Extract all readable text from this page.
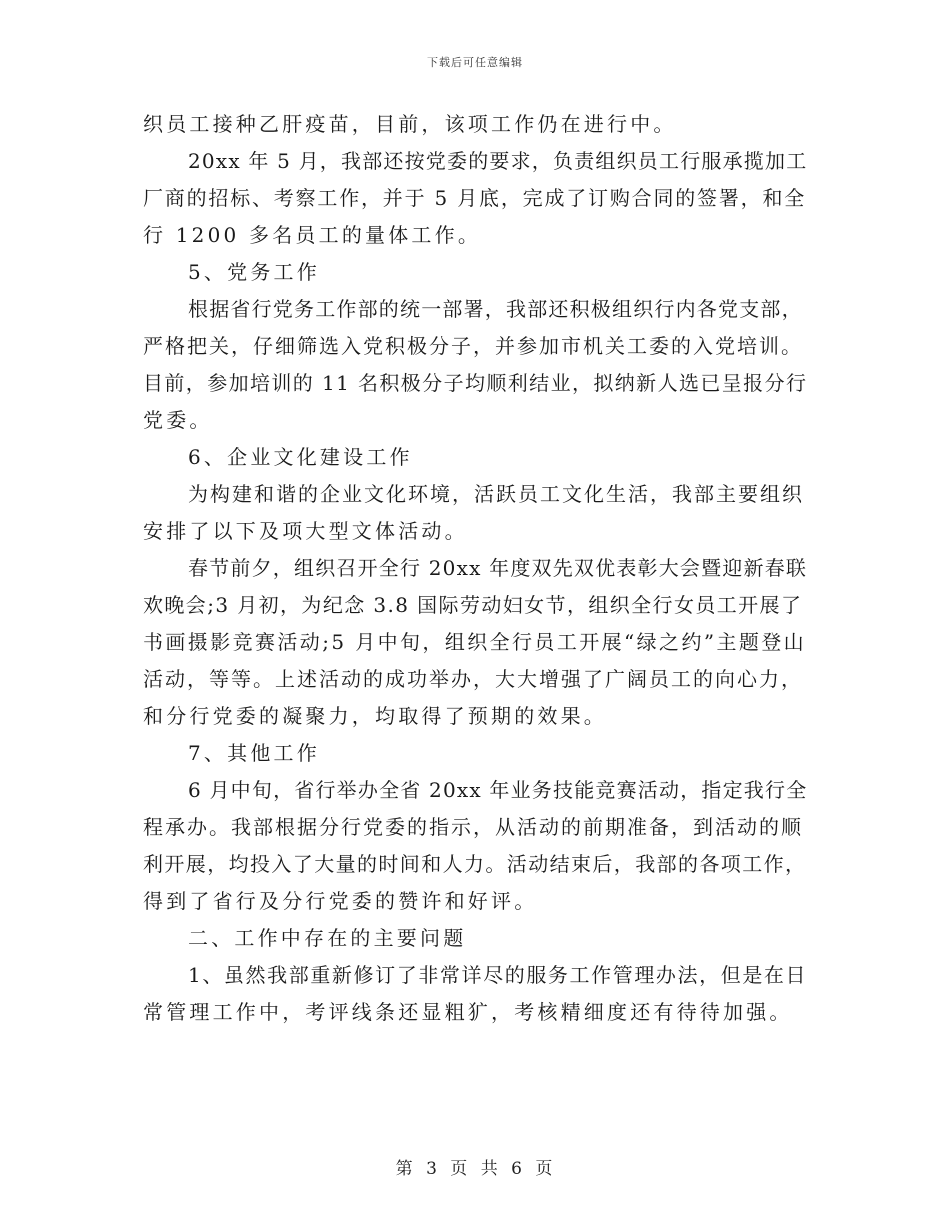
下载后可任意编辑
织员工接种乙肝疫苗，目前，该项工作仍在进行中。
20xx 年 5 月，我部还按党委的要求，负责组织员工行服承揽加工
厂商的招标、考察工作，并于 5 月底，完成了订购合同的签署，和全
行 1200 多名员工的量体工作。
5、党务工作
根据省行党务工作部的统一部署，我部还积极组织行内各党支部，
严格把关，仔细筛选入党积极分子，并参加市机关工委的入党培训。
目前，参加培训的 11 名积极分子均顺利结业，拟纳新人选已呈报分行
党委。
6、企业文化建设工作
为构建和谐的企业文化环境，活跃员工文化生活，我部主要组织
安排了以下及项大型文体活动。
春节前夕，组织召开全行 20xx 年度双先双优表彰大会暨迎新春联
欢晚会;3 月初，为纪念 3.8 国际劳动妇女节，组织全行女员工开展了
书画摄影竞赛活动;5 月中旬，组织全行员工开展“绿之约”主题登山
活动，等等。上述活动的成功举办，大大增强了广阔员工的向心力，
和分行党委的凝聚力，均取得了预期的效果。
7、其他工作
6 月中旬，省行举办全省 20xx 年业务技能竞赛活动，指定我行全
程承办。我部根据分行党委的指示，从活动的前期准备，到活动的顺
利开展，均投入了大量的时间和人力。活动结束后，我部的各项工作，
得到了省行及分行党委的赞许和好评。
二、工作中存在的主要问题
1、虽然我部重新修订了非常详尽的服务工作管理办法，但是在日
常管理工作中，考评线条还显粗犷，考核精细度还有待待加强。
第 3 页 共 6 页
